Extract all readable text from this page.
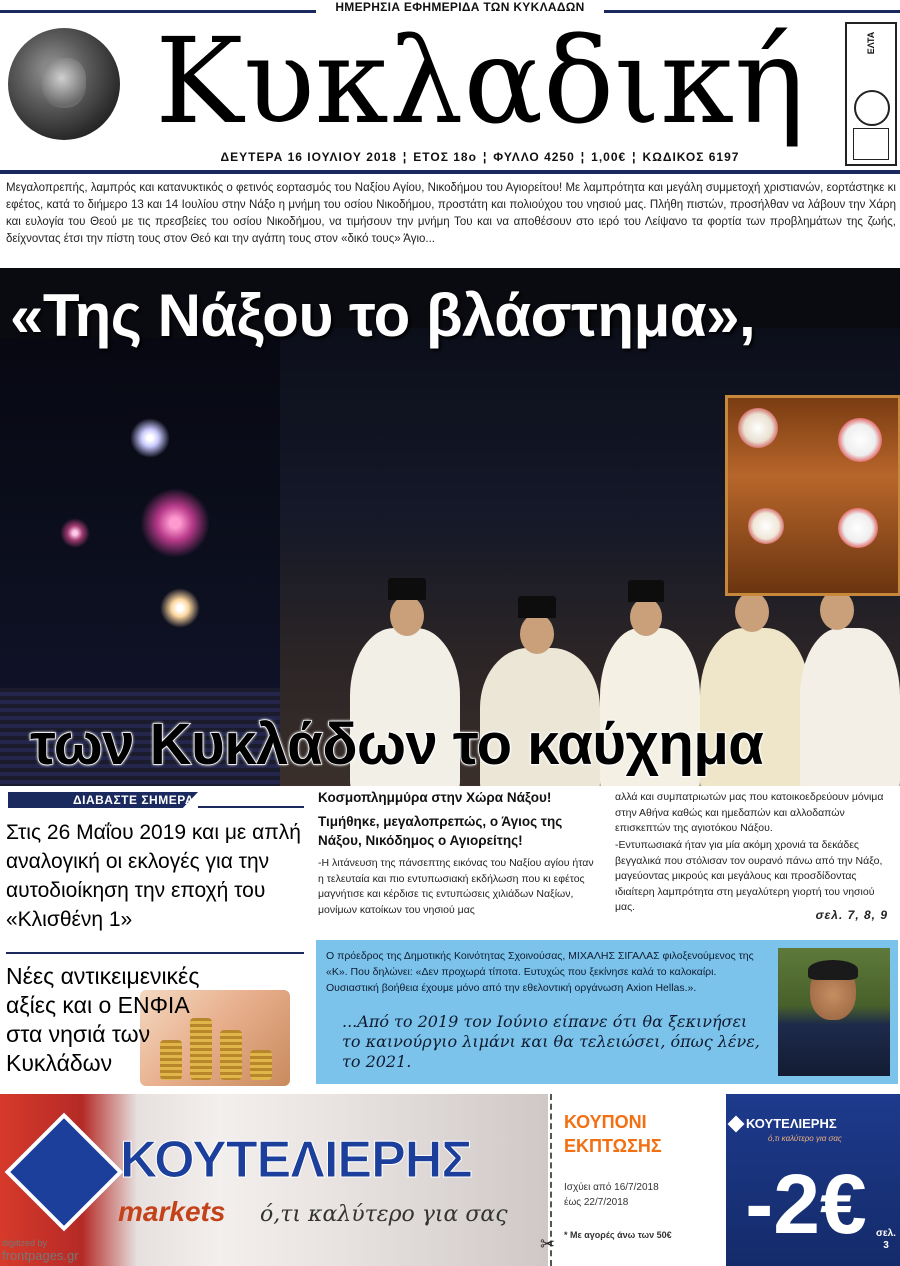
ΗΜΕΡΗΣΙΑ ΕΦΗΜΕΡΙΔΑ ΤΩΝ ΚΥΚΛΑΔΩΝ
Κυκλαδική	ΕΛΤΑ
ΔΕΥΤΕΡΑ 16 ΙΟΥΛΙΟΥ 2018 ¦ ΕΤΟΣ 18ο ¦ ΦΥΛΛΟ 4250 ¦ 1,00€ ¦ ΚΩΔΙΚΟΣ 6197
Μεγαλοπρεπής, λαμπρός και κατανυκτικός ο φετινός εορτασμός του Ναξίου Αγίου, Νικοδήμου του Αγιορείτου! Με λαμπρότητα και μεγάλη συμμετοχή χριστιανών, εορτάστηκε κι εφέτος, κατά το διήμερο 13 και 14 Ιουλίου στην Νάξο η μνήμη του οσίου Νικοδήμου, προστάτη και πολιούχου του νησιού μας. Πλήθη πιστών, προσήλθαν να λάβουν την Χάρη και ευλογία του Θεού με τις πρεσβείες του οσίου Νικοδήμου, να τιμήσουν την μνήμη Του και να αποθέσουν στο ιερό του Λείψανο τα φορτία των προβλημάτων της ζωής, δείχνοντας έτσι την πίστη τους στον Θεό και την αγάπη τους στον «δικό τους» Άγιο...
«Της Νάξου το βλάστημα»,
των Κυκλάδων το καύχημα
ΔΙΑΒΑΣΤΕ ΣΗΜΕΡΑ
Στις 26 Μαΐου 2019 και με απλή αναλογική οι εκλογές για την αυτοδιοίκηση την εποχή του «Κλισθένη 1»
Νέες αντικειμενικές αξίες και ο ΕΝΦΙΑ στα νησιά των Κυκλάδων
Κοσμοπλημμύρα στην Χώρα Νάξου!
Τιμήθηκε, μεγαλοπρεπώς, ο Άγιος της Νάξου, Νικόδημος ο Αγιορείτης!
-Η λιτάνευση της πάνσεπτης εικόνας του Ναξίου αγίου ήταν η τελευταία και πιο εντυπωσιακή εκδήλωση που κι εφέτος μαγνήτισε και κέρδισε τις εντυπώσεις χιλιάδων Ναξίων, μονίμων κατοίκων του νησιού μας
αλλά και συμπατριωτών μας που κατοικοεδρεύουν μόνιμα στην Αθήνα καθώς και ημεδαπών και αλλοδαπών επισκεπτών της αγιοτόκου Νάξου.
-Εντυπωσιακά ήταν για μία ακόμη χρονιά τα δεκάδες βεγγαλικά που στόλισαν τον ουρανό πάνω από την Νάξο, μαγεύοντας μικρούς και μεγάλους και προσδίδοντας ιδιαίτερη λαμπρότητα στη μεγαλύτερη γιορτή του νησιού μας.
σελ. 7, 8, 9
Ο πρόεδρος της Δημοτικής Κοινότητας Σχοινούσας, ΜΙΧΑΛΗΣ ΣΙΓΑΛΑΣ φιλοξενούμενος της «Κ». Που δηλώνει: «Δεν προχωρά τίποτα. Ευτυχώς που ξεκίνησε καλά το καλοκαίρι. Ουσιαστική βοήθεια έχουμε μόνο από την εθελοντική οργάνωση Axion Hellas.».
...Από το 2019 τον Ιούνιο είπανε ότι θα ξεκινήσει το καινούργιο λιμάνι και θα τελειώσει, όπως λένε, το 2021.
ΚΟΥΤΕΛΙΕΡΗΣ
markets ό,τι καλύτερο για σας
digitized by
frontpages.gr
ΚΟΥΠΟΝΙ
ΕΚΠΤΩΣΗΣ
Ισχύει από 16/7/2018
έως 22/7/2018
* Με αγορές άνω των 50€
✂
ΚΟΥΤΕΛΙΕΡΗΣ
ό,τι καλύτερο για σας
-2€ σελ.
3
